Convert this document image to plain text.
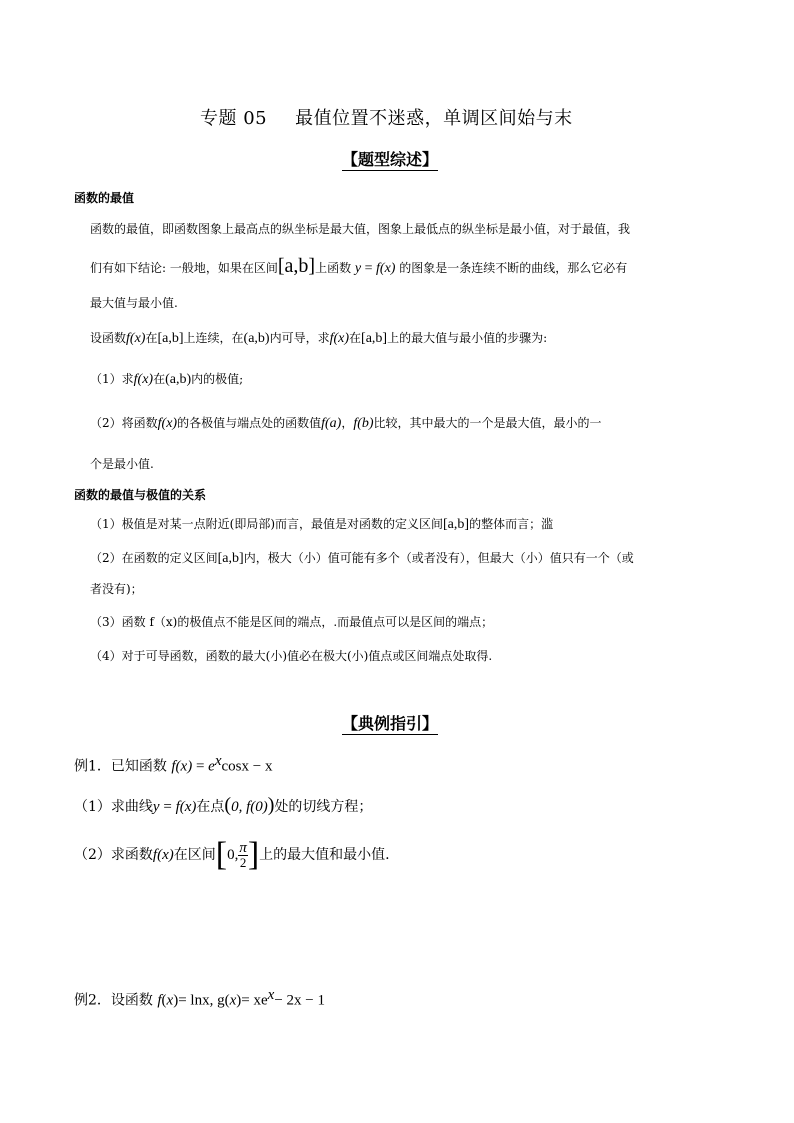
专题 05 最值位置不迷惑，单调区间始与末
【题型综述】
函数的最值
函数的最值，即函数图象上最高点的纵坐标是最大值，图象上最低点的纵坐标是最小值，对于最值，我
们有如下结论: 一般地，如果在区间[a,b]上函数 y = f(x) 的图象是一条连续不断的曲线，那么它必有
最大值与最小值.
设函数f(x)在[a,b]上连续，在(a,b)内可导，求f(x)在[a,b]上的最大值与最小值的步骤为:
（1）求f(x)在(a,b)内的极值;
（2）将函数f(x)的各极值与端点处的函数值f(a)，f(b)比较，其中最大的一个是最大值，最小的一
个是最小值.
函数的最值与极值的关系
（1）极值是对某一点附近(即局部)而言，最值是对函数的定义区间[a,b]的整体而言；滥
（2）在函数的定义区间[a,b]内，极大（小）值可能有多个（或者没有），但最大（小）值只有一个（或
者没有)；
（3）函数 f（x)的极值点不能是区间的端点，.而最值点可以是区间的端点；
（4）对于可导函数，函数的最大(小)值必在极大(小)值点或区间端点处取得.
【典例指引】
例1．已知函数 $f(x) = e^x\cos x - x$
（1）求曲线y = f(x)在点(0, f(0))处的切线方程；
（2）求函数f(x)在区间[0, $\frac{\pi}{2}$ ]上的最大值和最小值.
例2．设函数 f(x)= lnx, $g(x)= xe^x- 2x - 1$
